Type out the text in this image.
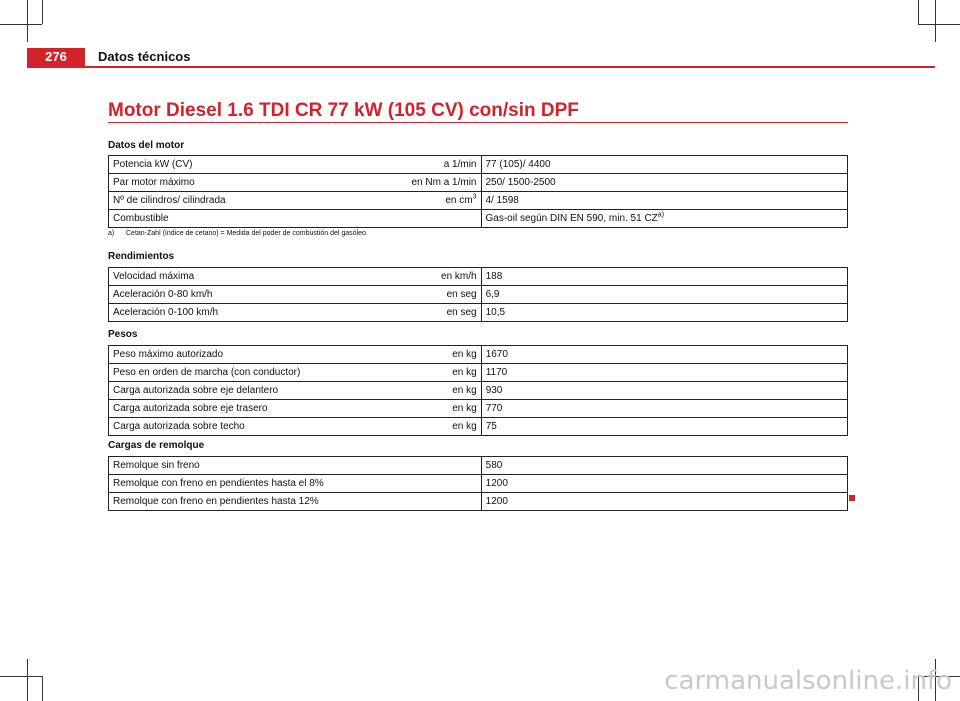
276	Datos técnicos
Motor Diesel 1.6 TDI CR 77 kW (105 CV) con/sin DPF
Datos del motor
Potencia kW (CV)	a 1/min	77 (105)/ 4400
Par motor máximo	en Nm a 1/min	250/ 1500-2500
Nº de cilindros/ cilindrada	en $cm^3$	4/ 1598
Combustible		Gas-oil según DIN EN 590, min. 51 CZ$^{a)}$
a) Cetan-Zahl (índice de cetano) = Medida del poder de combustión del gasóleo.
Rendimientos
Velocidad máxima	en km/h	188
Aceleración 0-80 km/h	en seg	6,9
Aceleración 0-100 km/h	en seg	10,5
Pesos
Peso máximo autorizado	en kg	1670
Peso en orden de marcha (con conductor)	en kg	1170
Carga autorizada sobre eje delantero	en kg	930
Carga autorizada sobre eje trasero	en kg	770
Carga autorizada sobre techo	en kg	75
Cargas de remolque
Remolque sin freno	580
Remolque con freno en pendientes hasta el 8%	1200
Remolque con freno en pendientes hasta 12%	1200
carmanualsonline.info
